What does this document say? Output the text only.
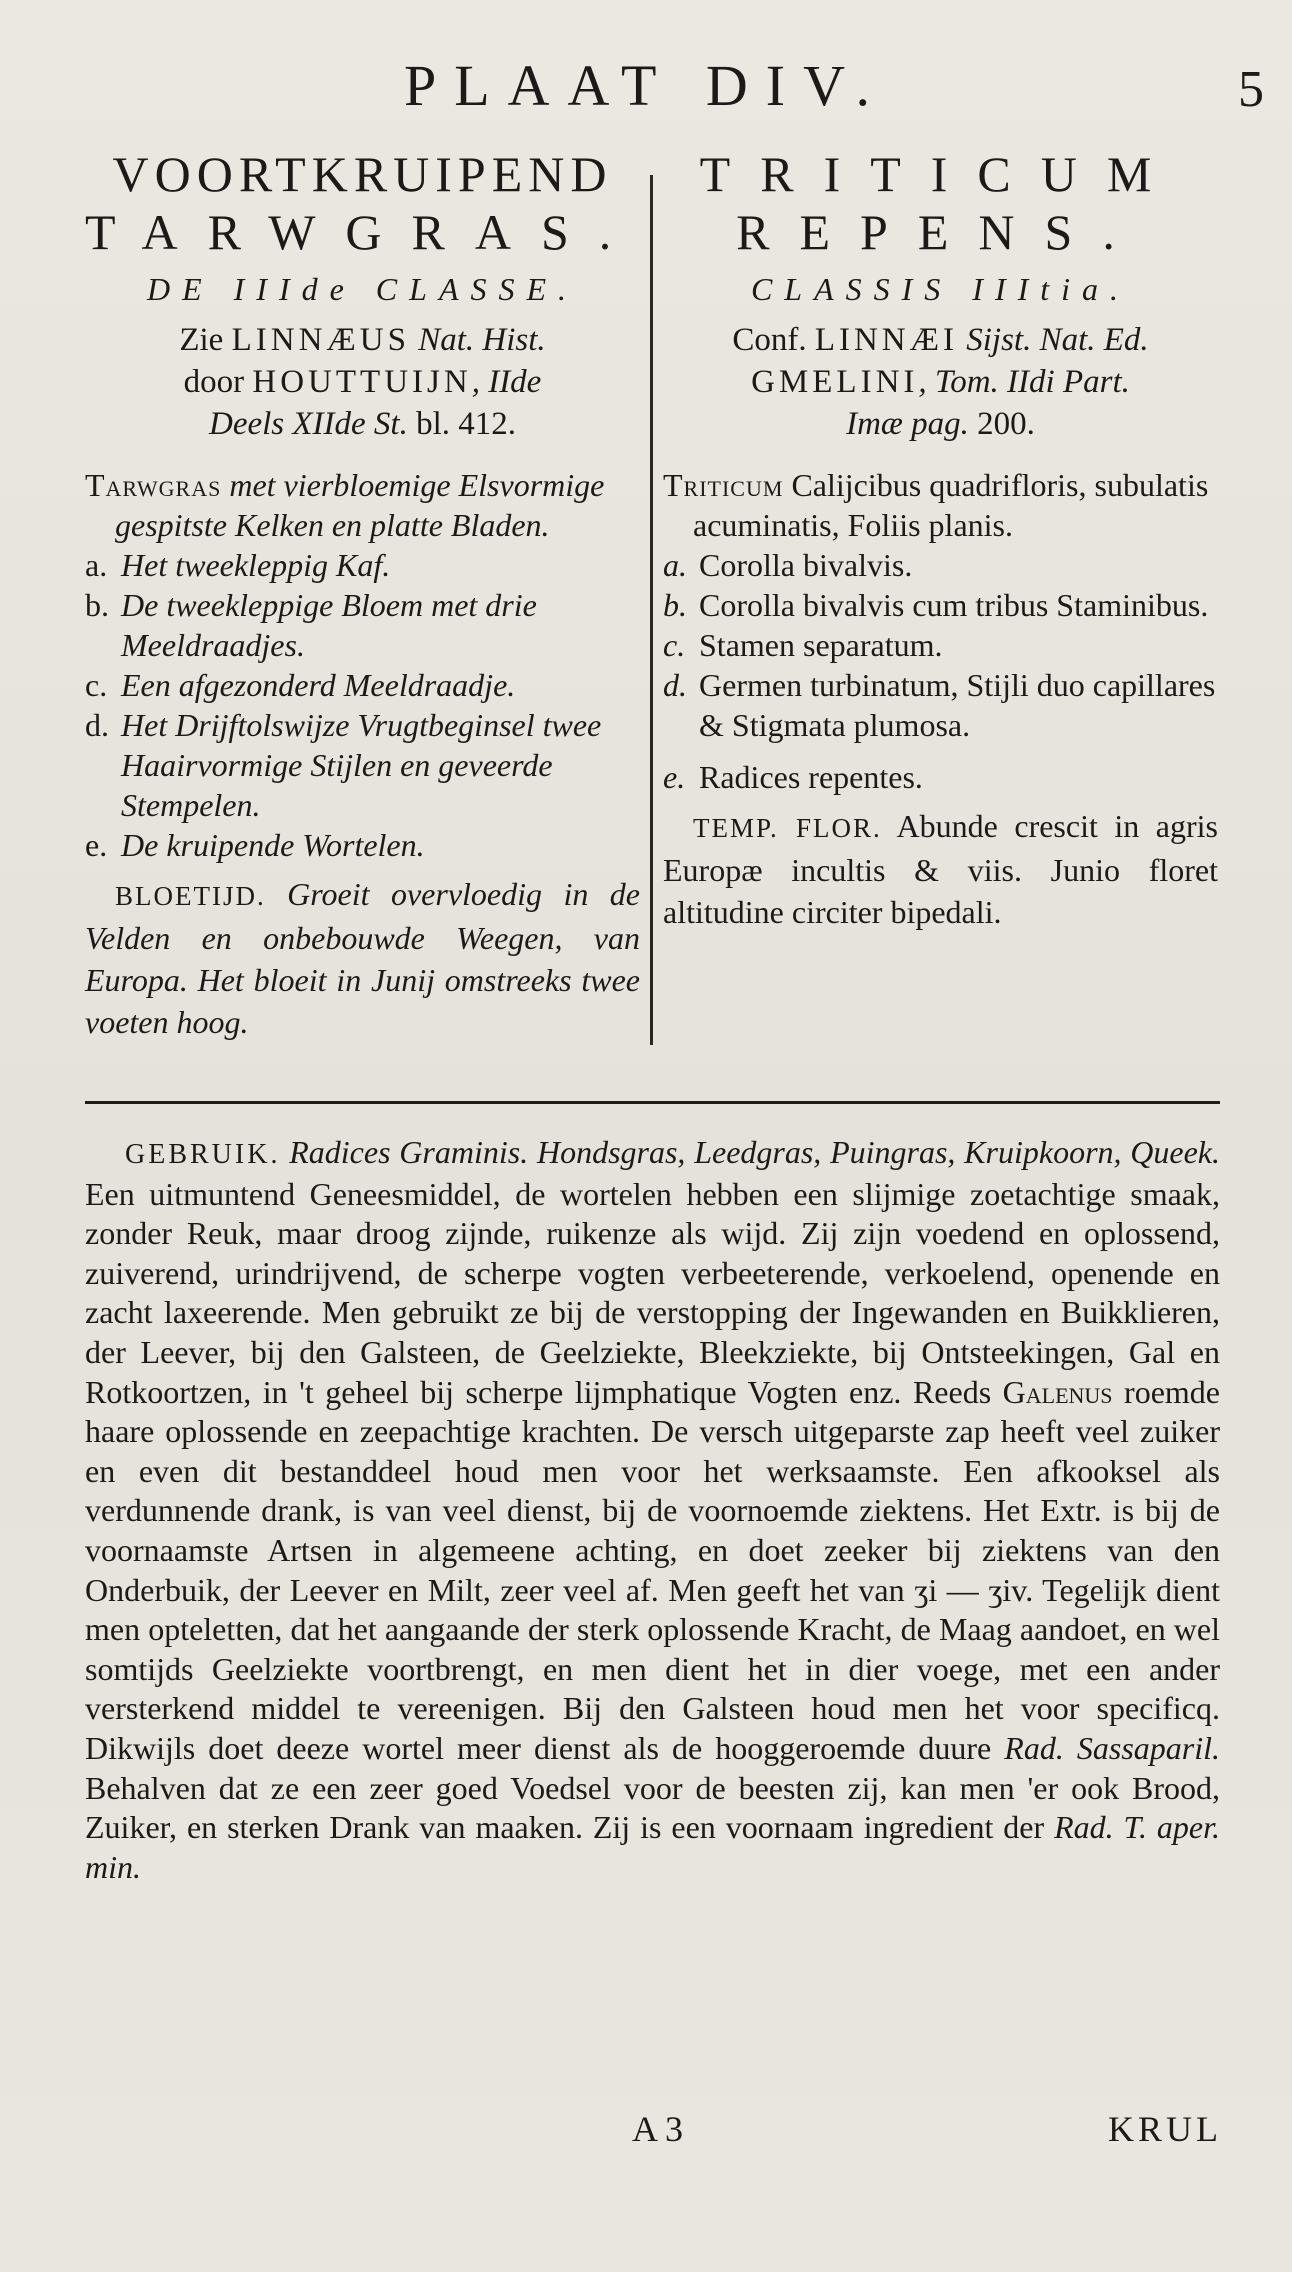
PLAAT DIV.	5
VOORTKRUIPEND
TARWGRAS.
DE IIIde CLASSE.
Zie LINNÆUS Nat. Hist.
door HOUTTUIJN, IIde
Deels XIIde St. bl. 412.
Tarwgras met vierbloemige Elsvormige gespitste Kelken en platte Bladen.
a. Het tweekleppig Kaf.
b. De tweekleppige Bloem met drie Meeldraadjes.
c. Een afgezonderd Meeldraadje.
d. Het Drijftolswijze Vrugtbeginsel twee Haairvormige Stijlen en geveerde Stempelen.
e. De kruipende Wortelen.
BLOETIJD. Groeit overvloedig in de Velden en onbebouwde Weegen, van Europa. Het bloeit in Junij omstreeks twee voeten hoog.
TRITICUM
REPENS.
CLASSIS IIItia.
Conf. LINNÆI Sijst. Nat. Ed.
GMELINI, Tom. IIdi Part.
Imæ pag. 200.
Triticum Calijcibus quadrifloris, subulatis acuminatis, Foliis planis.
a. Corolla bivalvis.
b. Corolla bivalvis cum tribus Staminibus.
c. Stamen separatum.
d. Germen turbinatum, Stijli duo capillares & Stigmata plumosa.
e. Radices repentes.
TEMP. FLOR. Abunde crescit in agris Europæ incultis & viis. Junio floret altitudine circiter bipedali.
GEBRUIK. Radices Graminis. Hondsgras, Leedgras, Puingras, Kruipkoorn, Queek. Een uitmuntend Geneesmiddel, de wortelen hebben een slijmige zoetachtige smaak, zonder Reuk, maar droog zijnde, ruikenze als wijd. Zij zijn voedend en oplossend, zuiverend, urindrijvend, de scherpe vogten verbeeterende, verkoelend, openende en zacht laxeerende. Men gebruikt ze bij de verstopping der Ingewanden en Buikklieren, der Leever, bij den Galsteen, de Geelziekte, Bleekziekte, bij Ontsteekingen, Gal en Rotkoortzen, in 't geheel bij scherpe lijmphatique Vogten enz. Reeds Galenus roemde haare oplossende en zeepachtige krachten. De versch uitgeparste zap heeft veel zuiker en even dit bestanddeel houd men voor het werksaamste. Een afkooksel als verdunnende drank, is van veel dienst, bij de voornoemde ziektens. Het Extr. is bij de voornaamste Artsen in algemeene achting, en doet zeeker bij ziektens van den Onderbuik, der Leever en Milt, zeer veel af. Men geeft het van ʒi — ʒiv. Tegelijk dient men opteletten, dat het aangaande der sterk oplossende Kracht, de Maag aandoet, en wel somtijds Geelziekte voortbrengt, en men dient het in dier voege, met een ander versterkend middel te vereenigen. Bij den Galsteen houd men het voor specificq. Dikwijls doet deeze wortel meer dienst als de hooggeroemde duure Rad. Sassaparil. Behalven dat ze een zeer goed Voedsel voor de beesten zij, kan men 'er ook Brood, Zuiker, en sterken Drank van maaken. Zij is een voornaam ingredient der Rad. T. aper. min.
A 3	KRUL
